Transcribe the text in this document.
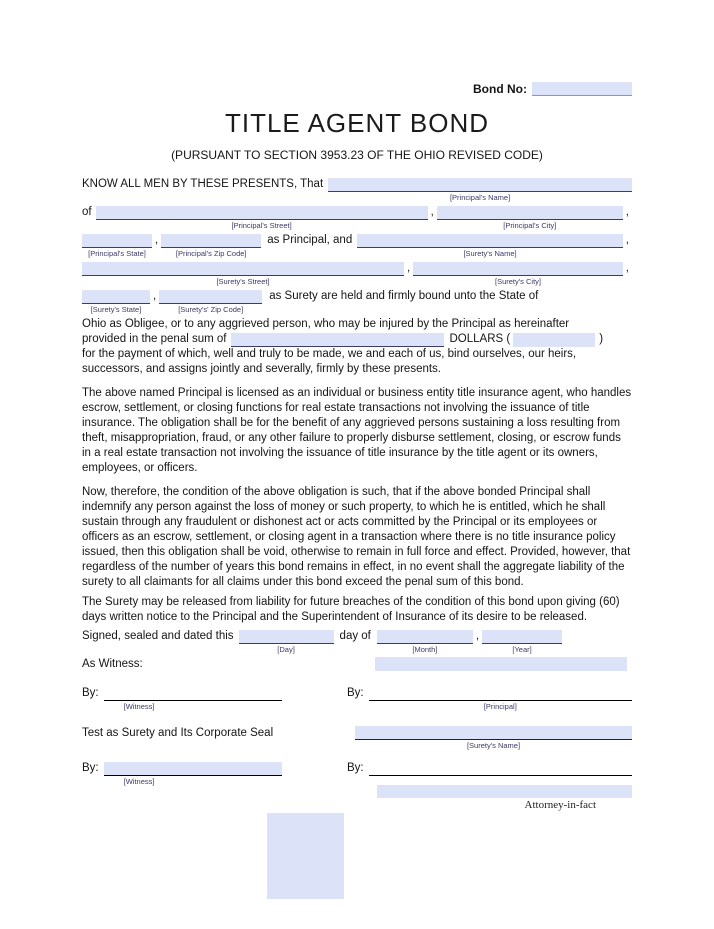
Bond No:
TITLE AGENT BOND
(PURSUANT TO SECTION 3953.23 OF THE OHIO REVISED CODE)
KNOW ALL MEN BY THESE PRESENTS, That
[Principal's Name]
of
[Principal's Street]
,
[Principal's City]
,
[Principal's State]
,
[Principal's Zip Code]
as Principal, and
[Surety's Name]
,
[Surety's Street]
,
[Surety's City]
,
[Surety's State]
,
[Surety's' Zip Code]
as Surety are held and firmly bound unto the State of
Ohio as Obligee, or to any aggrieved person, who may be injured by the Principal as hereinafter
provided in the penal sum of	DOLLARS (	)

for the payment of which, well and truly to be made, we and each of us, bind ourselves, our heirs, successors, and assigns jointly and severally, firmly by these presents.

The above named Principal is licensed as an individual or business entity title insurance agent, who handles escrow, settlement, or closing functions for real estate transactions not involving the issuance of title insurance. The obligation shall be for the benefit of any aggrieved persons sustaining a loss resulting from theft, misappropriation, fraud, or any other failure to properly disburse settlement, closing, or escrow funds in a real estate transaction not involving the issuance of title insurance by the title agent or its owners, employees, or officers.

Now, therefore, the condition of the above obligation is such, that if the above bonded Principal shall indemnify any person against the loss of money or such property, to which he is entitled, which he shall sustain through any fraudulent or dishonest act or acts committed by the Principal or its employees or officers as an escrow, settlement, or closing agent in a transaction where there is no title insurance policy issued, then this obligation shall be void, otherwise to remain in full force and effect. Provided, however, that regardless of the number of years this bond remains in effect, in no event shall the aggregate liability of the surety to all claimants for all claims under this bond exceed the penal sum of this bond.

The Surety may be released from liability for future breaches of the condition of this bond upon giving (60) days written notice to the Principal and the Superintendent of Insurance of its desire to be released.

Signed, sealed and dated this
[Day]
day of
[Month]
,
[Year]
As Witness:
By:
[Witness]
By:
[Principal]
Test as Surety and Its Corporate Seal
[Surety's Name]
By:
[Witness]
By:
Attorney-in-fact
